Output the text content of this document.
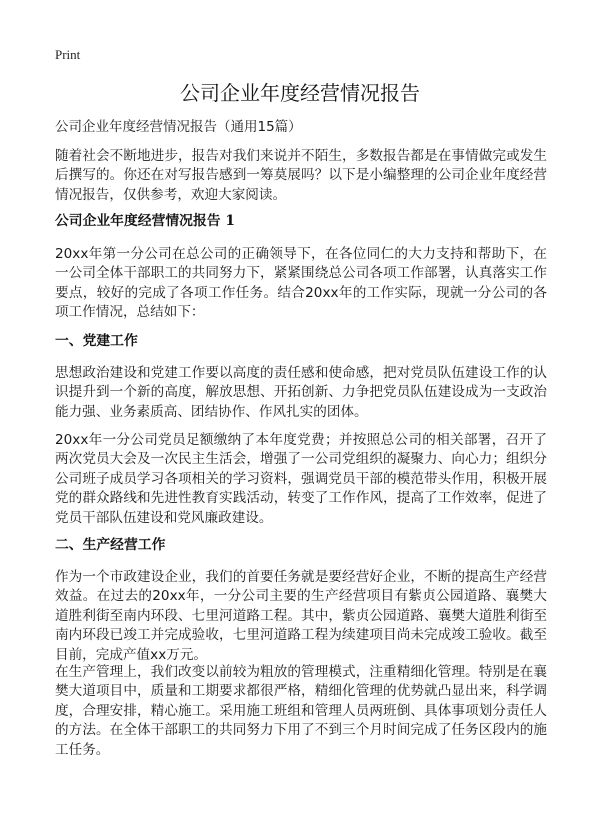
Print
公司企业年度经营情况报告
公司企业年度经营情况报告（通用15篇）

随着社会不断地进步，报告对我们来说并不陌生，多数报告都是在事情做完或发生后撰写的。你还在对写报告感到一筹莫展吗？以下是小编整理的公司企业年度经营情况报告，仅供参考，欢迎大家阅读。

公司企业年度经营情况报告 1

20xx年第一分公司在总公司的正确领导下，在各位同仁的大力支持和帮助下，在一公司全体干部职工的共同努力下，紧紧围绕总公司各项工作部署，认真落实工作要点，较好的完成了各项工作任务。结合20xx年的工作实际，现就一分公司的各项工作情况，总结如下：

一、党建工作

思想政治建设和党建工作要以高度的责任感和使命感，把对党员队伍建设工作的认识提升到一个新的高度，解放思想、开拓创新、力争把党员队伍建设成为一支政治能力强、业务素质高、团结协作、作风扎实的团体。

20xx年一分公司党员足额缴纳了本年度党费；并按照总公司的相关部署，召开了两次党员大会及一次民主生活会，增强了一公司党组织的凝聚力、向心力；组织分公司班子成员学习各项相关的学习资料，强调党员干部的模范带头作用，积极开展党的群众路线和先进性教育实践活动，转变了工作作风，提高了工作效率，促进了党员干部队伍建设和党风廉政建设。

二、生产经营工作

作为一个市政建设企业，我们的首要任务就是要经营好企业，不断的提高生产经营效益。在过去的20xx年，一分公司主要的生产经营项目有紫贞公园道路、襄樊大道胜利街至南内环段、七里河道路工程。其中，紫贞公园道路、襄樊大道胜利街至南内环段已竣工并完成验收，七里河道路工程为续建项目尚未完成竣工验收。截至目前，完成产值xx万元。

在生产管理上，我们改变以前较为粗放的管理模式，注重精细化管理。特别是在襄樊大道项目中，质量和工期要求都很严格，精细化管理的优势就凸显出来，科学调度，合理安排，精心施工。采用施工班组和管理人员两班倒、具体事项划分责任人的方法。在全体干部职工的共同努力下用了不到三个月时间完成了任务区段内的施工任务。
